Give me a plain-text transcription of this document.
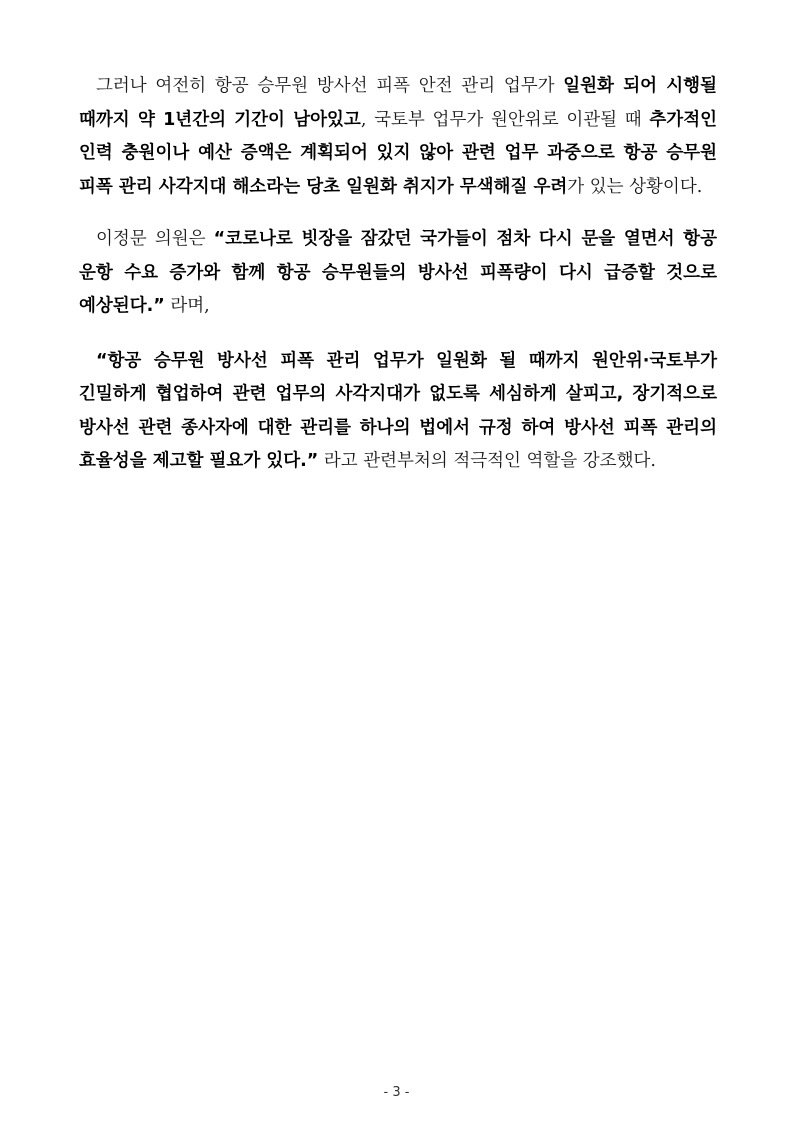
그러나 여전히 항공 승무원 방사선 피폭 안전 관리 업무가 일원화 되어 시행될 때까지 약 1년간의 기간이 남아있고, 국토부 업무가 원안위로 이관될 때 추가적인 인력 충원이나 예산 증액은 계획되어 있지 않아 관련 업무 과중으로 항공 승무원 피폭 관리 사각지대 해소라는 당초 일원화 취지가 무색해질 우려가 있는 상황이다.

이정문 의원은 “코로나로 빗장을 잠갔던 국가들이 점차 다시 문을 열면서 항공 운항 수요 증가와 함께 항공 승무원들의 방사선 피폭량이 다시 급증할 것으로 예상된다.” 라며,

“항공 승무원 방사선 피폭 관리 업무가 일원화 될 때까지 원안위·국토부가 긴밀하게 협업하여 관련 업무의 사각지대가 없도록 세심하게 살피고, 장기적으로 방사선 관련 종사자에 대한 관리를 하나의 법에서 규정 하여 방사선 피폭 관리의 효율성을 제고할 필요가 있다.” 라고 관련부처의 적극적인 역할을 강조했다.

- 3 -
